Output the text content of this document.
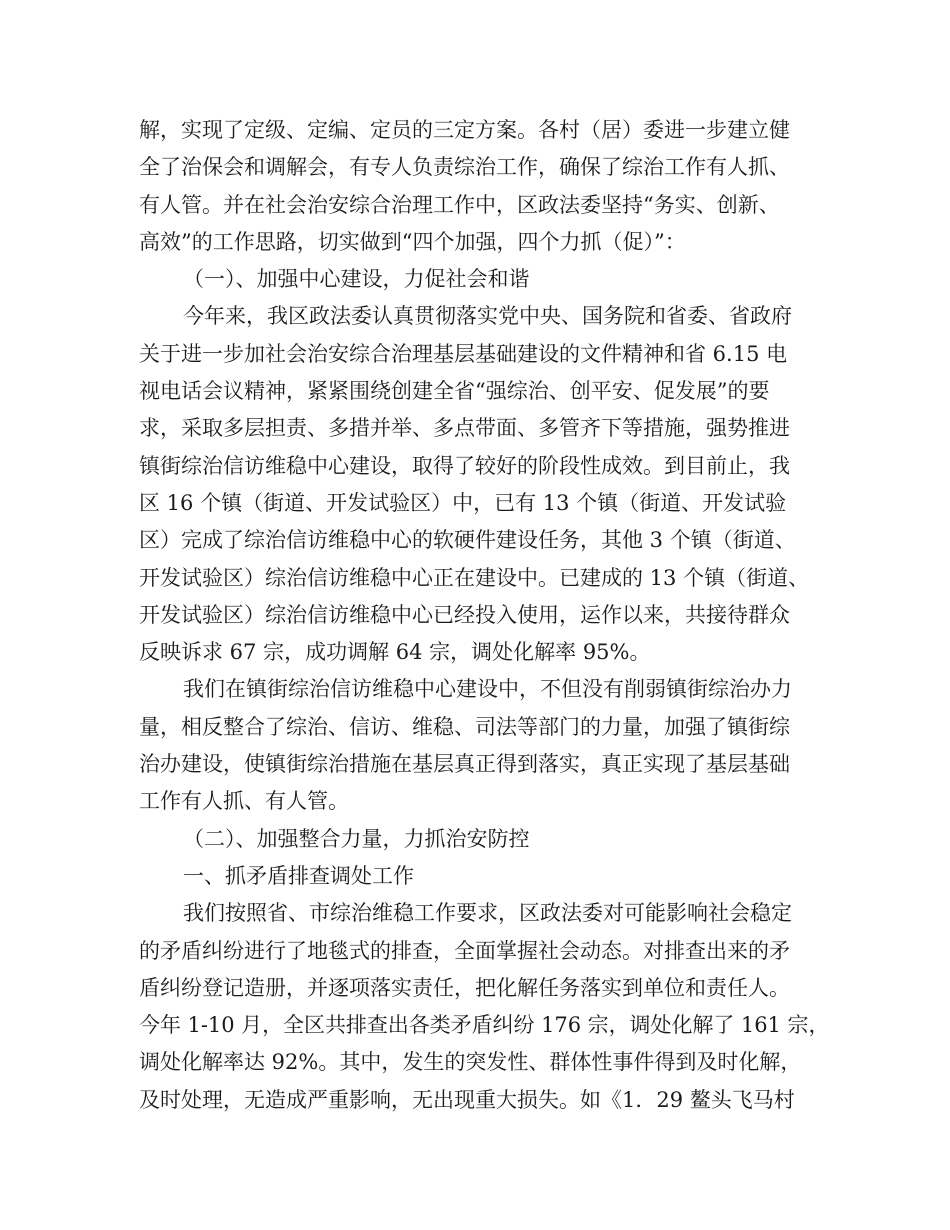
解，实现了定级、定编、定员的三定方案。各村（居）委进一步建立健
全了治保会和调解会，有专人负责综治工作，确保了综治工作有人抓、
有人管。并在社会治安综合治理工作中，区政法委坚持“务实、创新、
高效”的工作思路，切实做到“四个加强，四个力抓（促）”：
（一）、加强中心建设，力促社会和谐
今年来，我区政法委认真贯彻落实党中央、国务院和省委、省政府
关于进一步加社会治安综合治理基层基础建设的文件精神和省 6.15 电
视电话会议精神，紧紧围绕创建全省“强综治、创平安、促发展”的要
求，采取多层担责、多措并举、多点带面、多管齐下等措施，强势推进
镇街综治信访维稳中心建设，取得了较好的阶段性成效。到目前止，我
区 16 个镇（街道、开发试验区）中，已有 13 个镇（街道、开发试验
区）完成了综治信访维稳中心的软硬件建设任务，其他 3 个镇（街道、
开发试验区）综治信访维稳中心正在建设中。已建成的 13 个镇（街道、
开发试验区）综治信访维稳中心已经投入使用，运作以来，共接待群众
反映诉求 67 宗，成功调解 64 宗，调处化解率 95%。
我们在镇街综治信访维稳中心建设中，不但没有削弱镇街综治办力
量，相反整合了综治、信访、维稳、司法等部门的力量，加强了镇街综
治办建设，使镇街综治措施在基层真正得到落实，真正实现了基层基础
工作有人抓、有人管。
（二）、加强整合力量，力抓治安防控
一、抓矛盾排查调处工作
我们按照省、市综治维稳工作要求，区政法委对可能影响社会稳定
的矛盾纠纷进行了地毯式的排查，全面掌握社会动态。对排查出来的矛
盾纠纷登记造册，并逐项落实责任，把化解任务落实到单位和责任人。
今年 1-10 月，全区共排查出各类矛盾纠纷 176 宗，调处化解了 161 宗，
调处化解率达 92%。其中，发生的突发性、群体性事件得到及时化解，
及时处理，无造成严重影响，无出现重大损失。如《1．29 鳌头飞马村
